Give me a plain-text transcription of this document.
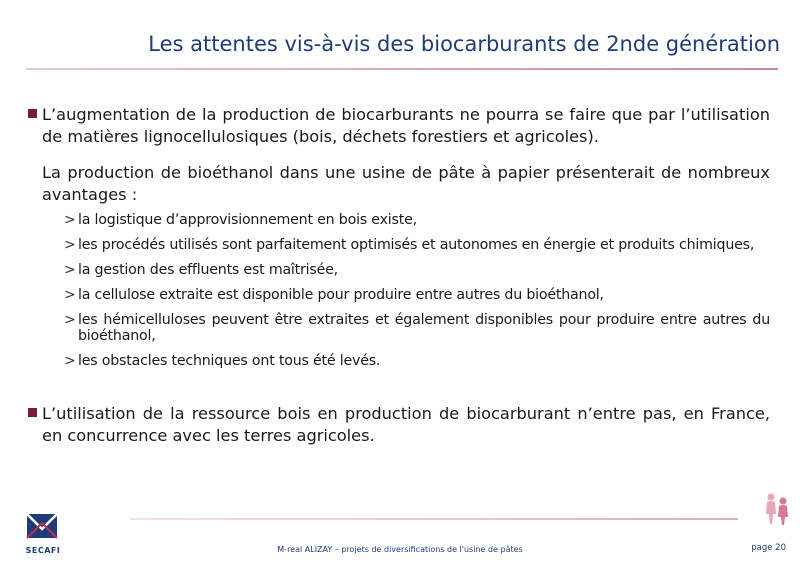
Les attentes vis-à-vis des biocarburants de 2nde génération

L’augmentation de la production de biocarburants ne pourra se faire que par l’utilisation de matières lignocellulosiques (bois, déchets forestiers et agricoles).

La production de bioéthanol dans une usine de pâte à papier présenterait de nombreux avantages :

> la logistique d’approvisionnement en bois existe,
> les procédés utilisés sont parfaitement optimisés et autonomes en énergie et produits chimiques,
> la gestion des effluents est maîtrisée,
> la cellulose extraite est disponible pour produire entre autres du bioéthanol,
> les hémicelluloses peuvent être extraites et également disponibles pour produire entre autres du bioéthanol,
> les obstacles techniques ont tous été levés.

L’utilisation de la ressource bois en production de biocarburant n’entre pas, en France, en concurrence avec les terres agricoles.

SECAFI	M-real ALIZAY – projets de diversifications de l'usine de pâtes	page 20
